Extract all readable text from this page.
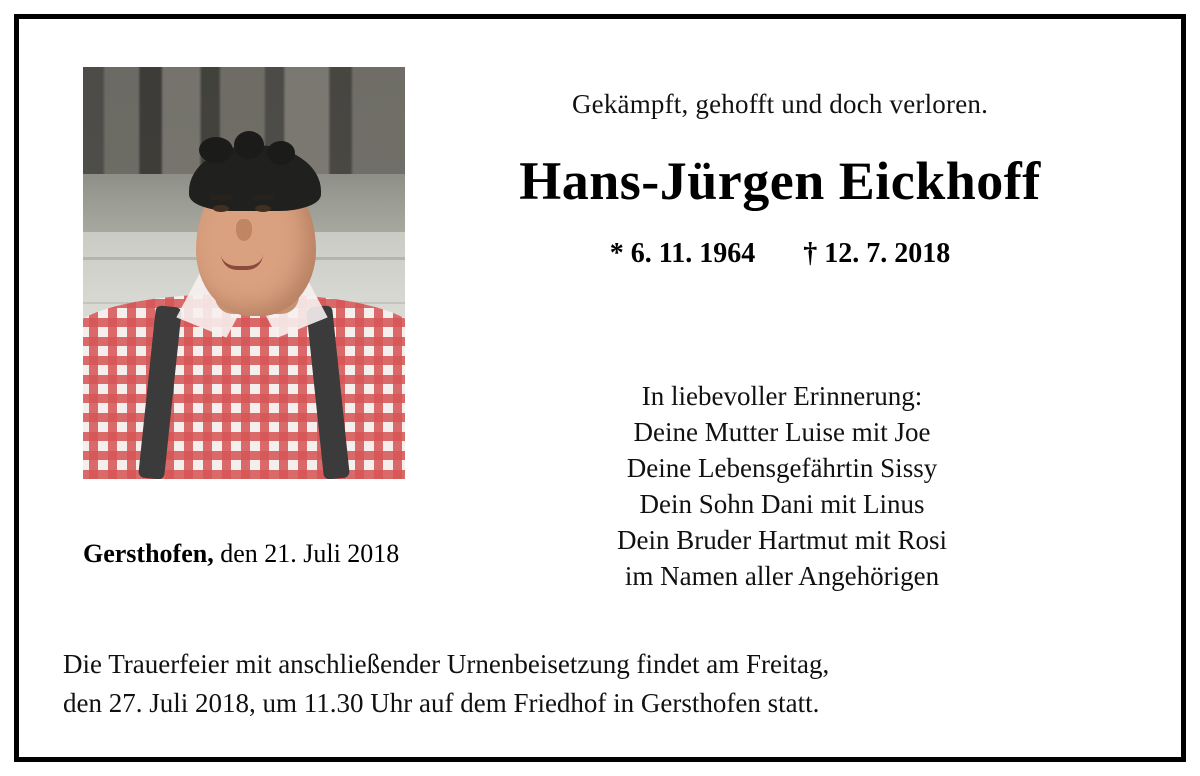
Gekämpft, gehofft und doch verloren.
Hans-Jürgen Eickhoff
* 6. 11. 1964 † 12. 7. 2018
In liebevoller Erinnerung:
Deine Mutter Luise mit Joe
Deine Lebensgefährtin Sissy
Dein Sohn Dani mit Linus
Dein Bruder Hartmut mit Rosi
im Namen aller Angehörigen
Gersthofen, den 21. Juli 2018
Die Trauerfeier mit anschließender Urnenbeisetzung findet am Freitag,
den 27. Juli 2018, um 11.30 Uhr auf dem Friedhof in Gersthofen statt.
